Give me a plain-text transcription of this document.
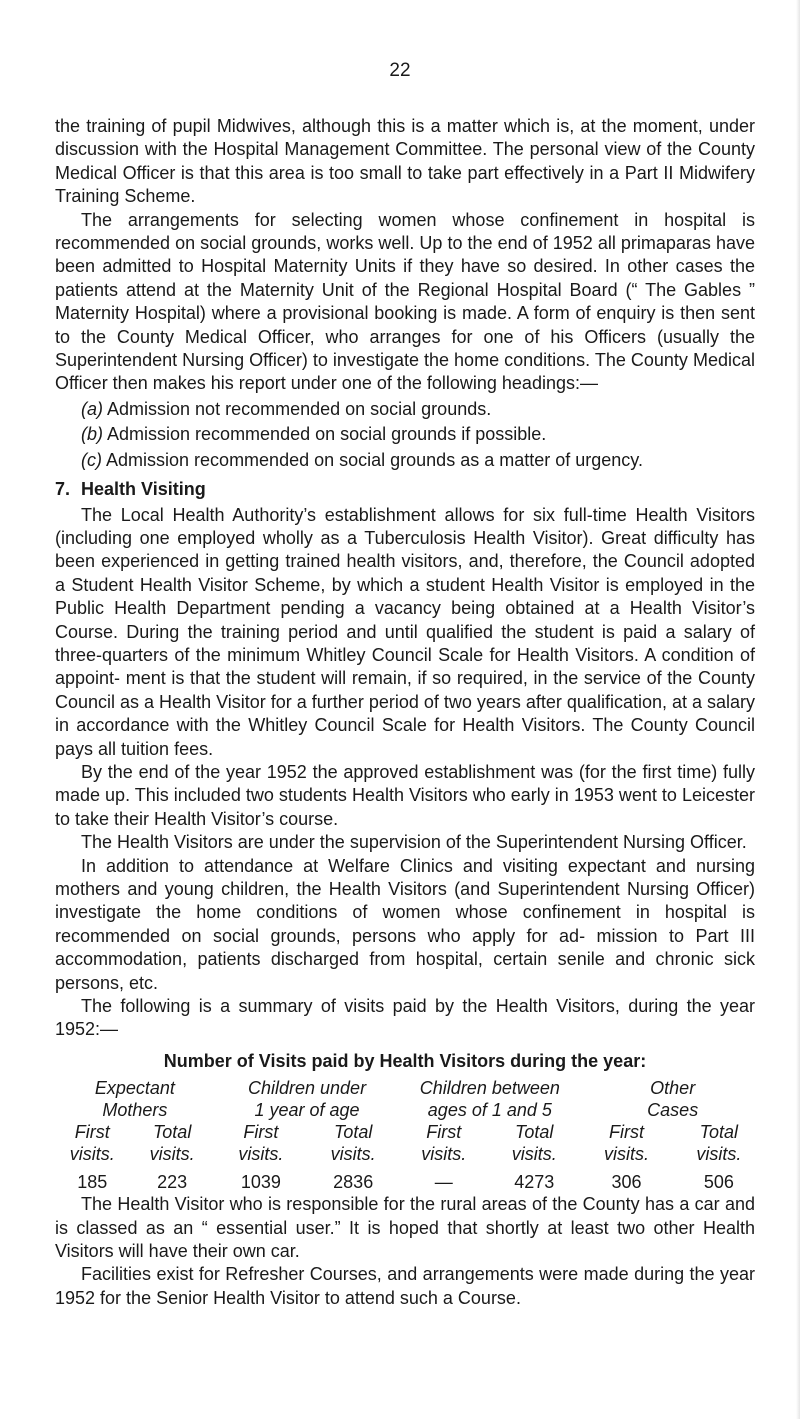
22

the training of pupil Midwives, although this is a matter which is, at the moment, under discussion with the Hospital Management Committee. The personal view of the County Medical Officer is that this area is too small to take part effectively in a Part II Midwifery Training Scheme.

The arrangements for selecting women whose confinement in hospital is recommended on social grounds, works well. Up to the end of 1952 all primaparas have been admitted to Hospital Maternity Units if they have so desired. In other cases the patients attend at the Maternity Unit of the Regional Hospital Board (“ The Gables ” Maternity Hospital) where a provisional booking is made. A form of enquiry is then sent to the County Medical Officer, who arranges for one of his Officers (usually the Superintendent Nursing Officer) to investigate the home conditions. The County Medical Officer then makes his report under one of the following headings:—

(a) Admission not recommended on social grounds.
(b) Admission recommended on social grounds if possible.
(c) Admission recommended on social grounds as a matter of urgency.
7. Health Visiting

The Local Health Authority’s establishment allows for six full-time Health Visitors (including one employed wholly as a Tuberculosis Health Visitor). Great difficulty has been experienced in getting trained health visitors, and, therefore, the Council adopted a Student Health Visitor Scheme, by which a student Health Visitor is employed in the Public Health Department pending a vacancy being obtained at a Health Visitor’s Course. During the training period and until qualified the student is paid a salary of three-quarters of the minimum Whitley Council Scale for Health Visitors. A condition of appoint- ment is that the student will remain, if so required, in the service of the County Council as a Health Visitor for a further period of two years after qualification, at a salary in accordance with the Whitley Council Scale for Health Visitors. The County Council pays all tuition fees.

By the end of the year 1952 the approved establishment was (for the first time) fully made up. This included two students Health Visitors who early in 1953 went to Leicester to take their Health Visitor’s course.

The Health Visitors are under the supervision of the Superintendent Nursing Officer.

In addition to attendance at Welfare Clinics and visiting expectant and nursing mothers and young children, the Health Visitors (and Superintendent Nursing Officer) investigate the home conditions of women whose confinement in hospital is recommended on social grounds, persons who apply for ad- mission to Part III accommodation, patients discharged from hospital, certain senile and chronic sick persons, etc.

The following is a summary of visits paid by the Health Visitors, during the year 1952:—

Number of Visits paid by Health Visitors during the year:
Expectant		Children under		Children between		Other	
Mothers		1 year of age		ages of 1 and 5		Cases	
First	Total	First	Total	First	Total	First	Total
visits.	visits.	visits.	visits.	visits.	visits.	visits.	visits.
185	223	1039	2836	—	4273	306	506

The Health Visitor who is responsible for the rural areas of the County has a car and is classed as an “ essential user.” It is hoped that shortly at least two other Health Visitors will have their own car.

Facilities exist for Refresher Courses, and arrangements were made during the year 1952 for the Senior Health Visitor to attend such a Course.
